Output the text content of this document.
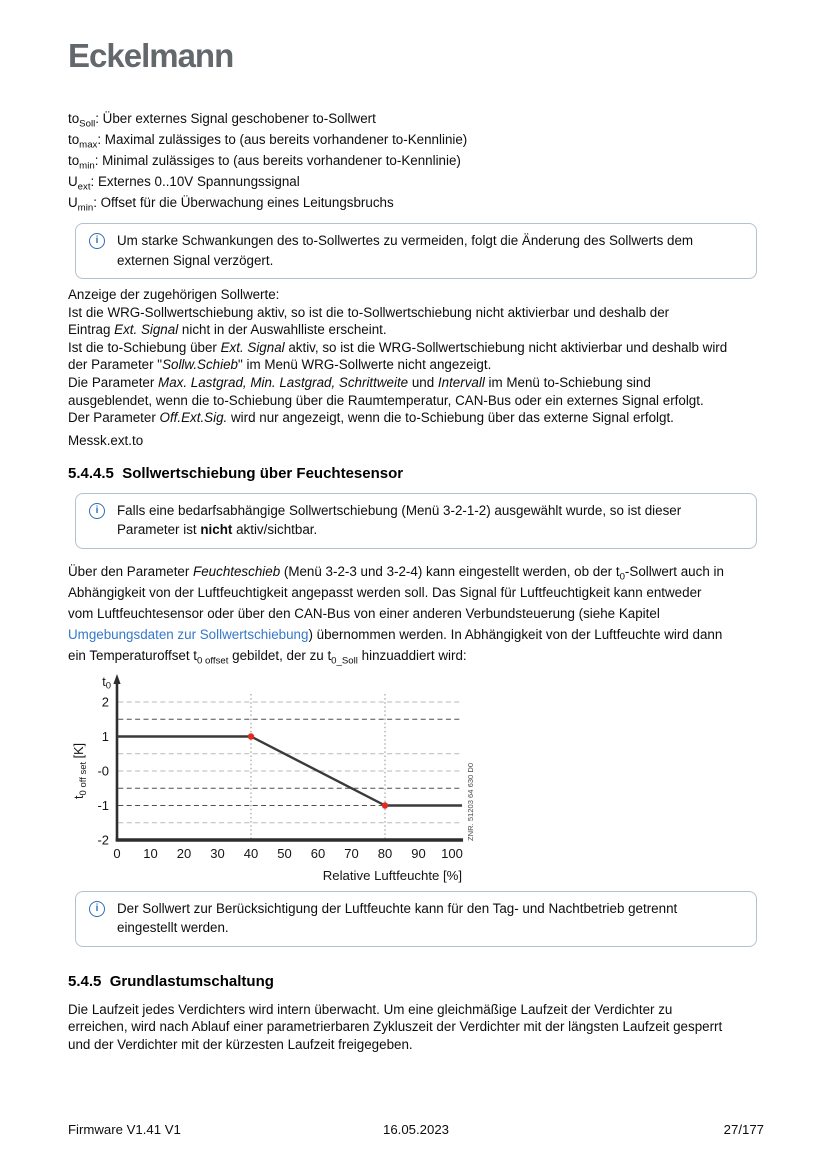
Eckelmann
$to_{Soll}$: Über externes Signal geschobener to-Sollwert
$to_{max}$: Maximal zulässiges to (aus bereits vorhandener to-Kennlinie)
$to_{min}$: Minimal zulässiges to (aus bereits vorhandener to-Kennlinie)
$U_{ext}$: Externes 0..10V Spannungssignal
$U_{min}$: Offset für die Überwachung eines Leitungsbruchs
i	Um starke Schwankungen des to-Sollwertes zu vermeiden, folgt die Änderung des Sollwerts dem
externen Signal verzögert.
Anzeige der zugehörigen Sollwerte:
Ist die WRG-Sollwertschiebung aktiv, so ist die to-Sollwertschiebung nicht aktivierbar und deshalb der
Eintrag Ext. Signal nicht in der Auswahlliste erscheint.
Ist die to-Schiebung über Ext. Signal aktiv, so ist die WRG-Sollwertschiebung nicht aktivierbar und deshalb wird
der Parameter "Sollw.Schieb" im Menü WRG-Sollwerte nicht angezeigt.
Die Parameter Max. Lastgrad, Min. Lastgrad, Schrittweite und Intervall im Menü to-Schiebung sind
ausgeblendet, wenn die to-Schiebung über die Raumtemperatur, CAN-Bus oder ein externes Signal erfolgt.
Der Parameter Off.Ext.Sig. wird nur angezeigt, wenn die to-Schiebung über das externe Signal erfolgt.
Messk.ext.to
5.4.4.5 Sollwertschiebung über Feuchtesensor
i	Falls eine bedarfsabhängige Sollwertschiebung (Menü 3-2-1-2) ausgewählt wurde, so ist dieser
Parameter ist nicht aktiv/sichtbar.
Über den Parameter Feuchteschieb (Menü 3-2-3 und 3-2-4) kann eingestellt werden, ob der $t_0$-Sollwert auch in
Abhängigkeit von der Luftfeuchtigkeit angepasst werden soll. Das Signal für Luftfeuchtigkeit kann entweder
vom Luftfeuchtesensor oder über den CAN-Bus von einer anderen Verbundsteuerung (siehe Kapitel
Umgebungsdaten zur Sollwertschiebung) übernommen werden. In Abhängigkeit von der Luftfeuchte wird dann
ein Temperaturoffset $t_{0 offset}$ gebildet, der zu $t_{0\_Soll}$ hinzuaddiert wird:
2
1
-0
-1
-2
0 10 20 30 40 50 60 70 80 90 100
Relative Luftfeuchte [%]
$t_{0 off set}$ [K]
$t_0$
ZNR. 51203 64 630 D0
i	Der Sollwert zur Berücksichtigung der Luftfeuchte kann für den Tag- und Nachtbetrieb getrennt
eingestellt werden.
5.4.5 Grundlastumschaltung
Die Laufzeit jedes Verdichters wird intern überwacht. Um eine gleichmäßige Laufzeit der Verdichter zu
erreichen, wird nach Ablauf einer parametrierbaren Zykluszeit der Verdichter mit der längsten Laufzeit gesperrt
und der Verdichter mit der kürzesten Laufzeit freigegeben.
Firmware V1.41 V1	16.05.2023	27/177
